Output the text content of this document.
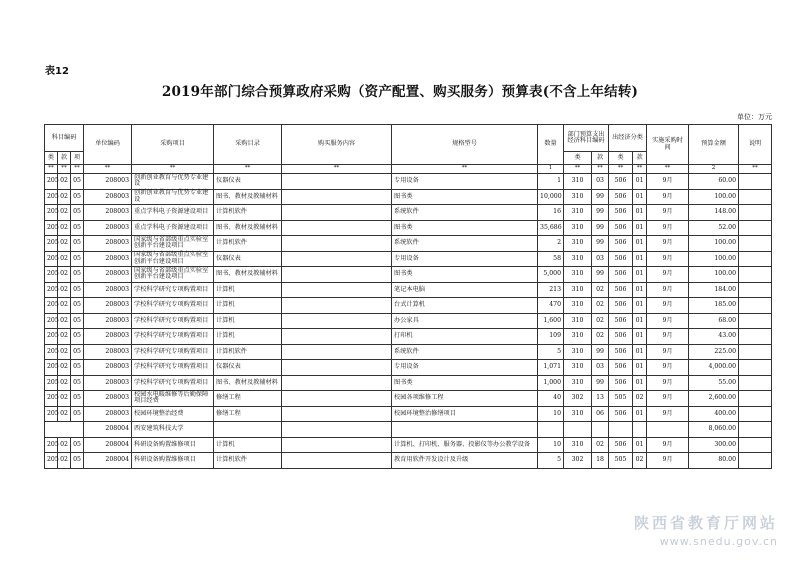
表12
2019年部门综合预算政府采购（资产配置、购买服务）预算表(不含上年结转)
单位：万元
科目编码			单位编码	采购项目	采购目录	购买服务内容	规格型号	数量	部门预算支出经济科目编码		出经济分类		实施采购时间	预算金额	说明
类	款	项							类	款	类	款			
**	**	**	**	**	**	**	**	1	**	**	**	**	**	2	**
205	02	05	208003	创新创业教育与优势专业建设	仪器仪表		专用设备	1	310	03	506	01	9月	60.00	
205	02	05	208003	创新创业教育与优势专业建设	图书、教材及教辅材料		图书类	10,000	310	99	506	01	9月	100.00	
205	02	05	208003	重点学科电子资源建设项目	计算机软件		系统软件	16	310	99	506	01	9月	148.00	
205	02	05	208003	重点学科电子资源建设项目	图书、教材及教辅材料		图书类	35,686	310	99	506	01	9月	52.00	
205	02	05	208003	国家级与省部级重点实验室创新平台建设项目	计算机软件		系统软件	2	310	99	506	01	9月	100.00	
205	02	05	208003	国家级与省部级重点实验室创新平台建设项目	仪器仪表		专用设备	58	310	03	506	01	9月	100.00	
205	02	05	208003	国家级与省部级重点实验室创新平台建设项目	图书、教材及教辅材料		图书类	5,000	310	99	506	01	9月	100.00	
205	02	05	208003	学校科学研究专项购置项目	计算机		笔记本电脑	213	310	02	506	01	9月	184.00	
205	02	05	208003	学校科学研究专项购置项目	计算机		台式计算机	470	310	02	506	01	9月	185.00	
205	02	05	208003	学校科学研究专项购置项目	计算机		办公家具	1,600	310	02	506	01	9月	68.00	
205	02	05	208003	学校科学研究专项购置项目	计算机		打印机	109	310	02	506	01	9月	43.00	
205	02	05	208003	学校科学研究专项购置项目	计算机软件		系统软件	5	310	99	506	01	9月	225.00	
205	02	05	208003	学校科学研究专项购置项目	仪器仪表		专用设备	1,071	310	03	506	01	9月	4,000.00	
205	02	05	208003	学校科学研究专项购置项目	图书、教材及教辅材料		图书类	1,000	310	99	506	01	9月	55.00	
205	02	05	208003	校园水电暖维修等后勤保障项目经费	修缮工程		校园各项维修工程	40	302	13	505	02	9月	2,600.00	
205	02	05	208003	校园环境整治经费	修缮工程		校园环境整治修缮项目	10	310	06	506	01	9月	400.00	
			208004	西安建筑科技大学										8,060.00	
205	02	05	208004	科研设备购置维修项目	计算机		计算机、打印机、服务器、投影仪等办公教学设备	10	310	02	506	01	9月	300.00	
205	02	05	208004	科研设备购置维修项目	计算机软件		教育用软件开发设计及升级	5	302	18	505	02	9月	80.00	
陕西省教育厅网站
www.snedu.gov.cn
